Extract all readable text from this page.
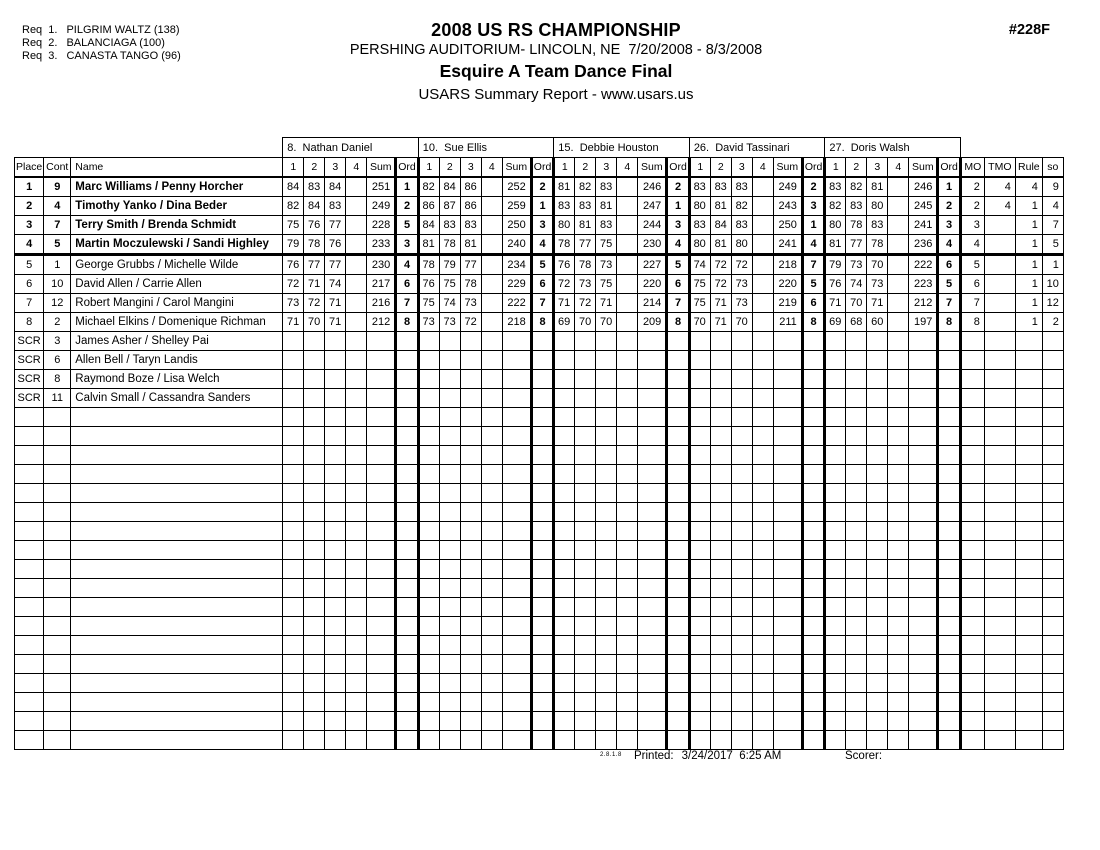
Req  1. PILGRIM WALTZ (138)
Req  2. BALANCIAGA (100)
Req  3. CANASTA TANGO (96)
2008 US RS CHAMPIONSHIP
PERSHING AUDITORIUM- LINCOLN, NE  7/20/2008 - 8/3/2008
Esquire A Team Dance Final
USARS Summary Report - www.usars.us
#228F
			8.  Nathan Daniel						10.  Sue Ellis						15.  Debbie Houston						26.  David Tassinari						27.  Doris Walsh									
Place	Cont	Name	1	2	3	4	Sum	Ord	1	2	3	4	Sum	Ord	1	2	3	4	Sum	Ord	1	2	3	4	Sum	Ord	1	2	3	4	Sum	Ord	MO	TMO	Rule	so
1	9	Marc Williams / Penny Horcher	84	83	84		251	1	82	84	86		252	2	81	82	83		246	2	83	83	83		249	2	83	82	81		246	1	2	4	4	9
2	4	Timothy Yanko / Dina Beder	82	84	83		249	2	86	87	86		259	1	83	83	81		247	1	80	81	82		243	3	82	83	80		245	2	2	4	1	4
3	7	Terry Smith / Brenda Schmidt	75	76	77		228	5	84	83	83		250	3	80	81	83		244	3	83	84	83		250	1	80	78	83		241	3	3		1	7
4	5	Martin Moczulewski / Sandi Highley	79	78	76		233	3	81	78	81		240	4	78	77	75		230	4	80	81	80		241	4	81	77	78		236	4	4		1	5
5	1	George Grubbs / Michelle Wilde	76	77	77		230	4	78	79	77		234	5	76	78	73		227	5	74	72	72		218	7	79	73	70		222	6	5		1	1
6	10	David Allen / Carrie Allen	72	71	74		217	6	76	75	78		229	6	72	73	75		220	6	75	72	73		220	5	76	74	73		223	5	6		1	10
7	12	Robert Mangini / Carol Mangini	73	72	71		216	7	75	74	73		222	7	71	72	71		214	7	75	71	73		219	6	71	70	71		212	7	7		1	12
8	2	Michael Elkins / Domenique Richman	71	70	71		212	8	73	73	72		218	8	69	70	70		209	8	70	71	70		211	8	69	68	60		197	8	8		1	2
SCR	3	James Asher / Shelley Pai																																		
SCR	6	Allen Bell / Taryn Landis																																		
SCR	8	Raymond Boze / Lisa Welch																																		
SCR	11	Calvin Small / Cassandra Sanders																																		

2.8.1.8 Printed: 3/24/2017  6:25 AM	Scorer:
